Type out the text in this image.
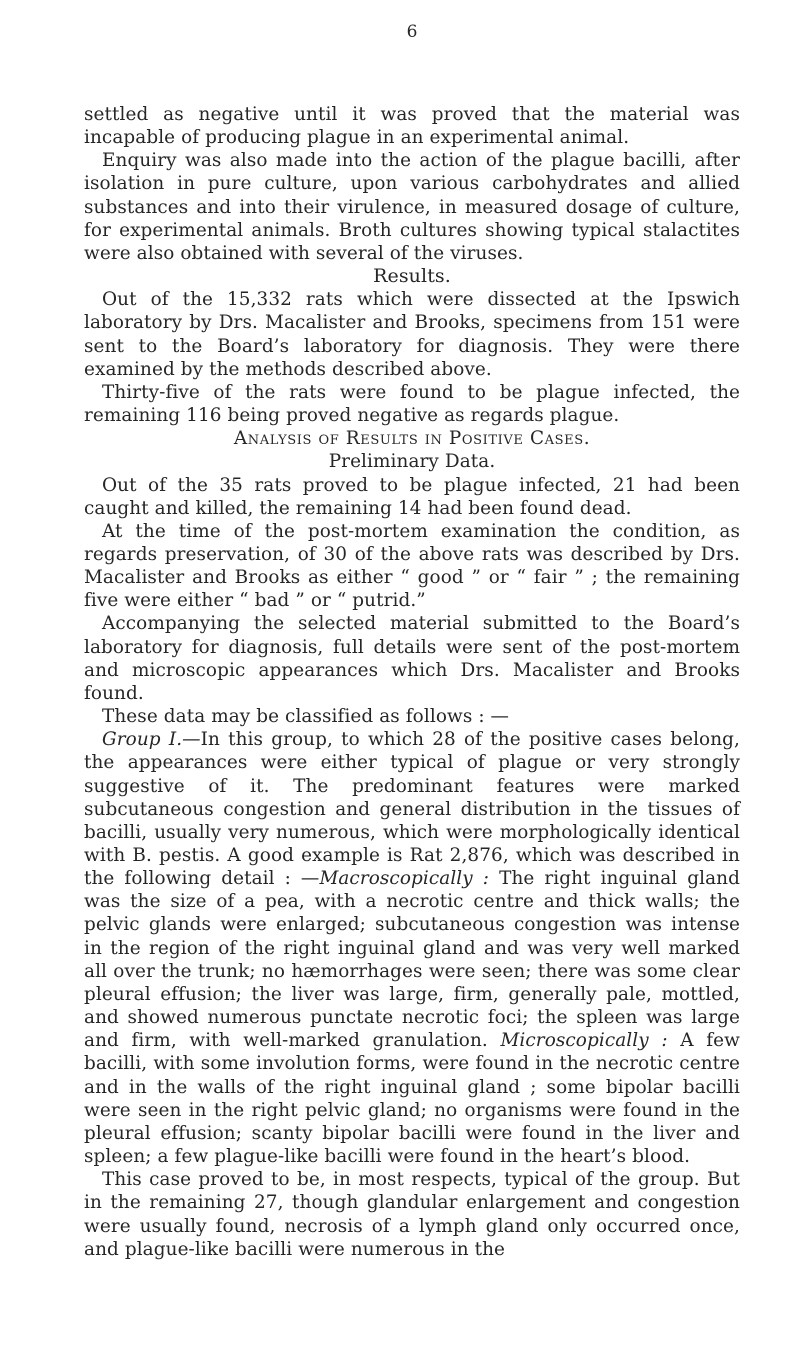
6

settled as negative until it was proved that the material was incapable of producing plague in an experimental animal.

Enquiry was also made into the action of the plague bacilli, after isolation in pure culture, upon various carbohydrates and allied substances and into their virulence, in measured dosage of culture, for experimental animals. Broth cultures showing typical stalactites were also obtained with several of the viruses.

Results.

Out of the 15,332 rats which were dissected at the Ipswich laboratory by Drs. Macalister and Brooks, specimens from 151 were sent to the Board’s laboratory for diagnosis. They were there examined by the methods described above.

Thirty-five of the rats were found to be plague infected, the remaining 116 being proved negative as regards plague.

Analysis of Results in Positive Cases.
Preliminary Data.

Out of the 35 rats proved to be plague infected, 21 had been caught and killed, the remaining 14 had been found dead.

At the time of the post-mortem examination the condition, as regards preservation, of 30 of the above rats was described by Drs. Macalister and Brooks as either “ good ” or “ fair ” ; the remaining five were either “ bad ” or “ putrid.”

Accompanying the selected material submitted to the Board’s laboratory for diagnosis, full details were sent of the post-mortem and microscopic appearances which Drs. Macalister and Brooks found.

These data may be classified as follows : —

Group I.—In this group, to which 28 of the positive cases belong, the appearances were either typical of plague or very strongly suggestive of it. The predominant features were marked subcutaneous congestion and general distribution in the tissues of bacilli, usually very numerous, which were morphologically identical with B. pestis. A good example is Rat 2,876, which was described in the following detail : —Macroscopically : The right inguinal gland was the size of a pea, with a necrotic centre and thick walls; the pelvic glands were enlarged; subcutaneous congestion was intense in the region of the right inguinal gland and was very well marked all over the trunk; no hæmorrhages were seen; there was some clear pleural effusion; the liver was large, firm, generally pale, mottled, and showed numerous punctate necrotic foci; the spleen was large and firm, with well-marked granulation. Microscopically : A few bacilli, with some involution forms, were found in the necrotic centre and in the walls of the right inguinal gland ; some bipolar bacilli were seen in the right pelvic gland; no organisms were found in the pleural effusion; scanty bipolar bacilli were found in the liver and spleen; a few plague-like bacilli were found in the heart’s blood.

This case proved to be, in most respects, typical of the group. But in the remaining 27, though glandular enlargement and congestion were usually found, necrosis of a lymph gland only occurred once, and plague-like bacilli were numerous in the
